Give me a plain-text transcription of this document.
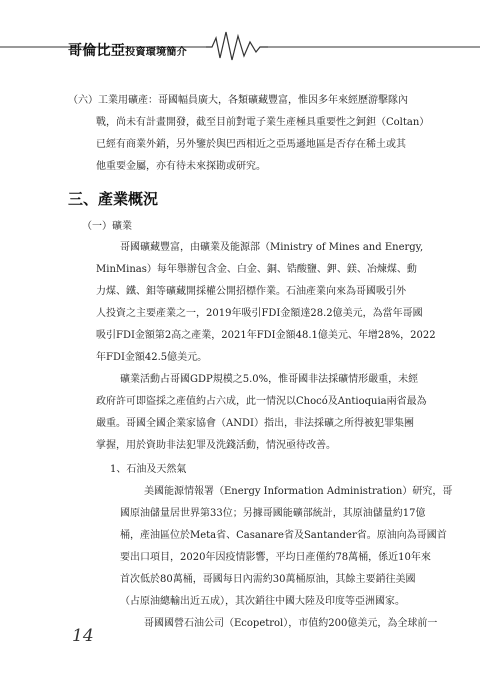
哥倫比亞投資環境簡介
（六）工業用礦產：哥國幅員廣大，各類礦藏豐富，惟因多年來經歷游擊隊內
戰，尚未有計畫開發，截至目前對電子業生產極具重要性之鈳鉭（Coltan）
已經有商業外銷，另外鑒於與巴西相近之亞馬遜地區是否存在稀土或其
他重要金屬，亦有待未來探勘或研究。
三、產業概況
（一）礦業
哥國礦藏豐富，由礦業及能源部（Ministry of Mines and Energy,
MinMinas）每年舉辦包含金、白金、銅、锆酸鹽、鉀、鎂、冶煉煤、動
力煤、鐵、鉬等礦藏開採權公開招標作業。石油產業向來為哥國吸引外
人投資之主要產業之一，2019年吸引FDI金額達28.2億美元，為當年哥國
吸引FDI金額第2高之產業，2021年FDI金額48.1億美元、年增28%，2022
年FDI金額42.5億美元。
礦業活動占哥國GDP規模之5.0%，惟哥國非法採礦情形嚴重，未經
政府許可即盜採之產值約占六成，此一情況以Chocó及Antioquia兩省最為
嚴重。哥國全國企業家協會（ANDI）指出，非法採礦之所得被犯罪集團
掌握，用於資助非法犯罪及洗錢活動，情況亟待改善。
1、石油及天然氣
美國能源情報署（Energy Information Administration）研究，哥
國原油儲量居世界第33位；另據哥國能礦部統計，其原油儲量約17億
桶，產油區位於Meta省、Casanare省及Santander省。原油向為哥國首
要出口項目，2020年因疫情影響，平均日產僅約78萬桶，係近10年來
首次低於80萬桶，哥國每日內需約30萬桶原油，其餘主要銷往美國
（占原油總輸出近五成），其次銷往中國大陸及印度等亞洲國家。
哥國國營石油公司（Ecopetrol），市值約200億美元，為全球前一
14
